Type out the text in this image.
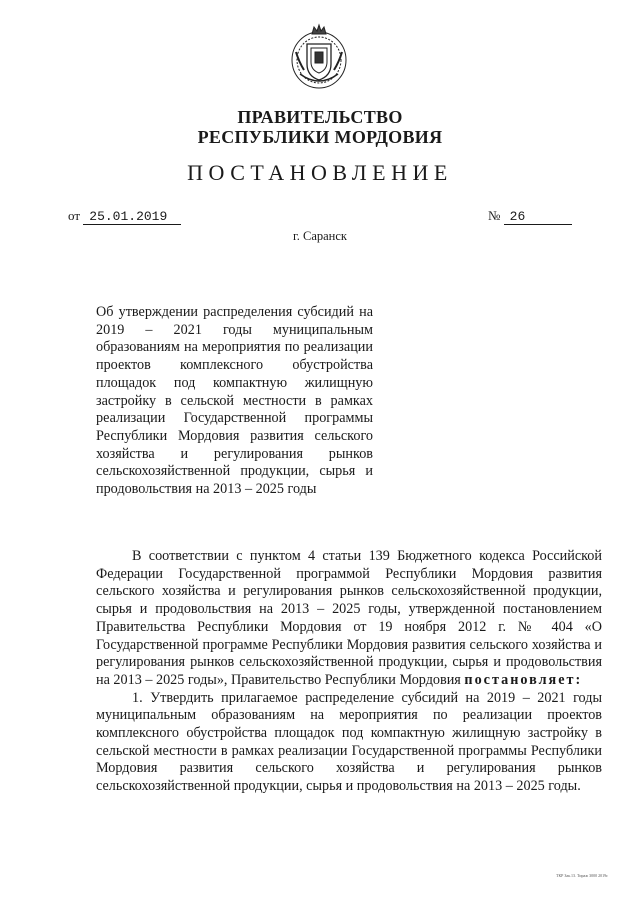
ПРАВИТЕЛЬСТВО
РЕСПУБЛИКИ МОРДОВИЯ
ПОСТАНОВЛЕНИЕ
от 25.01.2019	№ 26
г. Саранск
Об утверждении распределения субсидий на 2019 – 2021 годы муниципальным образованиям на мероприятия по реализации проектов комплексного обустройства площадок под компактную жилищную застройку в сельской местности в рамках реализации Государственной программы Республики Мордовия развития сельского хозяйства и регулирования рынков сельскохозяйственной продукции, сырья и продовольствия на 2013 – 2025 годы

В соответствии с пунктом 4 статьи 139 Бюджетного кодекса Российской Федерации Государственной программой Республики Мордовия развития сельского хозяйства и регулирования рынков сельскохозяйственной продукции, сырья и продовольствия на 2013 – 2025 годы, утвержденной постановлением Правительства Республики Мордовия от 19 ноября 2012 г. № 404 «О Государственной программе Республики Мордовия развития сельского хозяйства и регулирования рынков сельскохозяйственной продукции, сырья и продовольствия на 2013 – 2025 годы», Правительство Республики Мордовия постановляет:

1. Утвердить прилагаемое распределение субсидий на 2019 – 2021 годы муниципальным образованиям на мероприятия по реализации проектов комплексного обустройства площадок под компактную жилищную застройку в сельской местности в рамках реализации Государственной программы Республики Мордовия развития сельского хозяйства и регулирования рынков сельскохозяйственной продукции, сырья и продовольствия на 2013 – 2025 годы.

ТКР Зак.13. Тираж 3000 2019г.
